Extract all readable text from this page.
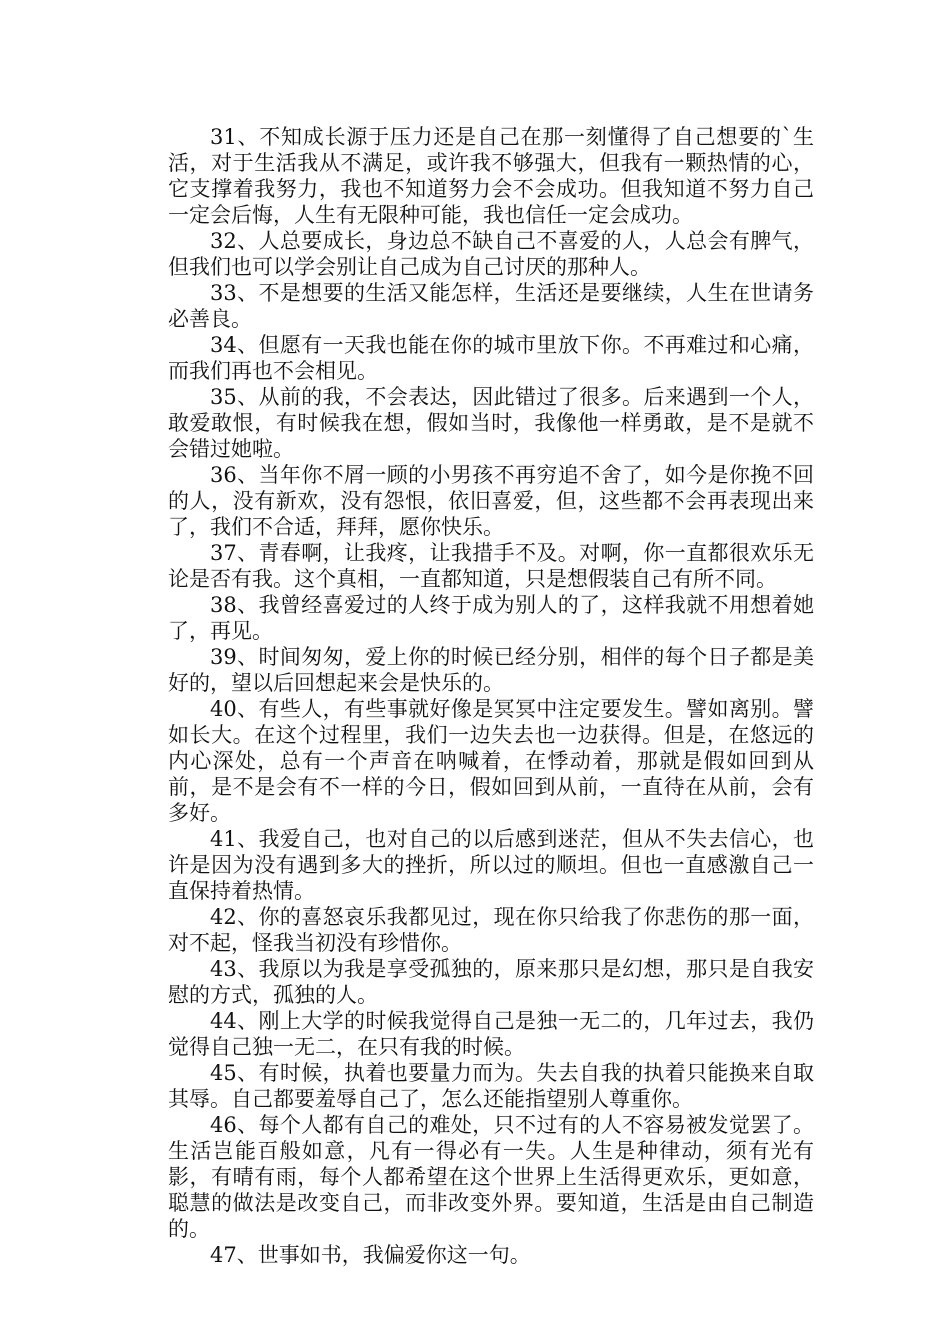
31、不知成长源于压力还是自己在那一刻懂得了自己想要的`生活，对于生活我从不满足，或许我不够强大，但我有一颗热情的心，它支撑着我努力，我也不知道努力会不会成功。但我知道不努力自己一定会后悔，人生有无限种可能，我也信任一定会成功。

32、人总要成长，身边总不缺自己不喜爱的人，人总会有脾气，但我们也可以学会别让自己成为自己讨厌的那种人。

33、不是想要的生活又能怎样，生活还是要继续，人生在世请务必善良。

34、但愿有一天我也能在你的城市里放下你。不再难过和心痛，而我们再也不会相见。

35、从前的我，不会表达，因此错过了很多。后来遇到一个人，敢爱敢恨，有时候我在想，假如当时，我像他一样勇敢，是不是就不会错过她啦。

36、当年你不屑一顾的小男孩不再穷追不舍了，如今是你挽不回的人，没有新欢，没有怨恨，依旧喜爱，但，这些都不会再表现出来了，我们不合适，拜拜，愿你快乐。

37、青春啊，让我疼，让我措手不及。对啊，你一直都很欢乐无论是否有我。这个真相，一直都知道，只是想假装自己有所不同。

38、我曾经喜爱过的人终于成为别人的了，这样我就不用想着她了，再见。

39、时间匆匆，爱上你的时候已经分别，相伴的每个日子都是美好的，望以后回想起来会是快乐的。

40、有些人，有些事就好像是冥冥中注定要发生。譬如离别。譬如长大。在这个过程里，我们一边失去也一边获得。但是，在悠远的内心深处，总有一个声音在呐喊着，在悸动着，那就是假如回到从前，是不是会有不一样的今日，假如回到从前，一直待在从前，会有多好。

41、我爱自己，也对自己的以后感到迷茫，但从不失去信心，也许是因为没有遇到多大的挫折，所以过的顺坦。但也一直感激自己一直保持着热情。

42、你的喜怒哀乐我都见过，现在你只给我了你悲伤的那一面，对不起，怪我当初没有珍惜你。

43、我原以为我是享受孤独的，原来那只是幻想，那只是自我安慰的方式，孤独的人。

44、刚上大学的时候我觉得自己是独一无二的，几年过去，我仍觉得自己独一无二，在只有我的时候。

45、有时候，执着也要量力而为。失去自我的执着只能换来自取其辱。自己都要羞辱自己了，怎么还能指望别人尊重你。

46、每个人都有自己的难处，只不过有的人不容易被发觉罢了。生活岂能百般如意，凡有一得必有一失。人生是种律动，须有光有影，有晴有雨，每个人都希望在这个世界上生活得更欢乐，更如意，聪慧的做法是改变自己，而非改变外界。要知道，生活是由自己制造的。

47、世事如书，我偏爱你这一句。
